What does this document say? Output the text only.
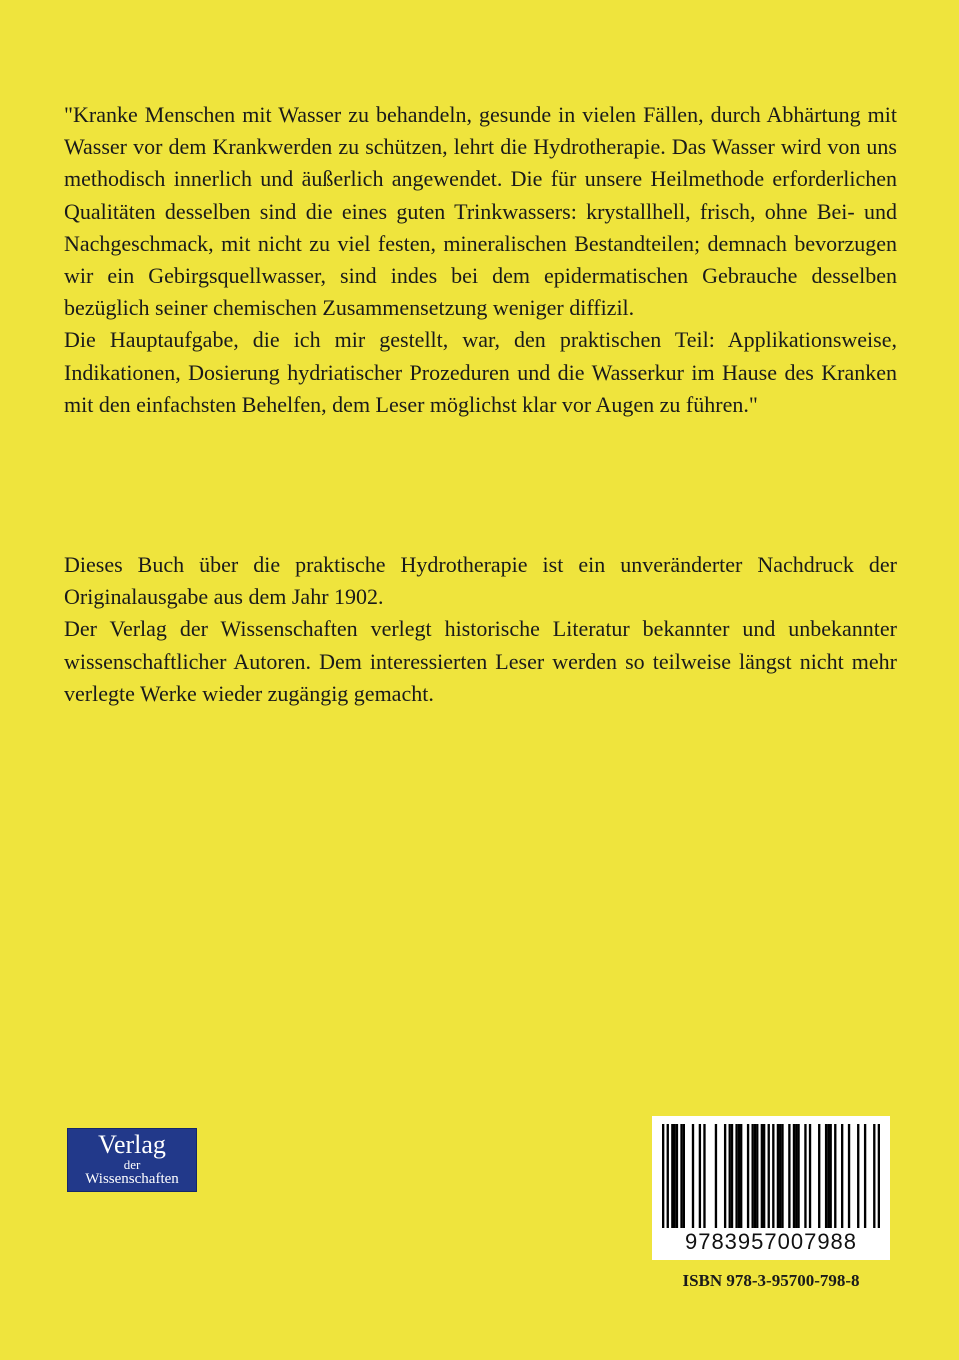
"Kranke Menschen mit Wasser zu behandeln, gesunde in vielen Fällen, durch Abhärtung mit Wasser vor dem Krankwerden zu schützen, lehrt die Hydrotherapie. Das Wasser wird von uns methodisch innerlich und äußerlich angewendet. Die für unsere Heilmethode erforderlichen Qualitäten desselben sind die eines guten Trinkwassers: krystallhell, frisch, ohne Bei- und Nachgeschmack, mit nicht zu viel festen, mineralischen Bestandteilen; demnach bevorzugen wir ein Gebirgsquellwasser, sind indes bei dem epidermatischen Gebrauche desselben bezüglich seiner chemischen Zusammensetzung weniger diffizil.

Die Hauptaufgabe, die ich mir gestellt, war, den praktischen Teil: Applikationsweise, Indikationen, Dosierung hydriatischer Prozeduren und die Wasserkur im Hause des Kranken mit den einfachsten Behelfen, dem Leser möglichst klar vor Augen zu führen."

Dieses Buch über die praktische Hydrotherapie ist ein unveränderter Nachdruck der Originalausgabe aus dem Jahr 1902.

Der Verlag der Wissenschaften verlegt historische Literatur bekannter und unbekannter wissenschaftlicher Autoren. Dem interessierten Leser werden so teilweise längst nicht mehr verlegte Werke wieder zugängig gemacht.

Verlag
der
Wissenschaften
9783957007988
ISBN 978-3-95700-798-8
